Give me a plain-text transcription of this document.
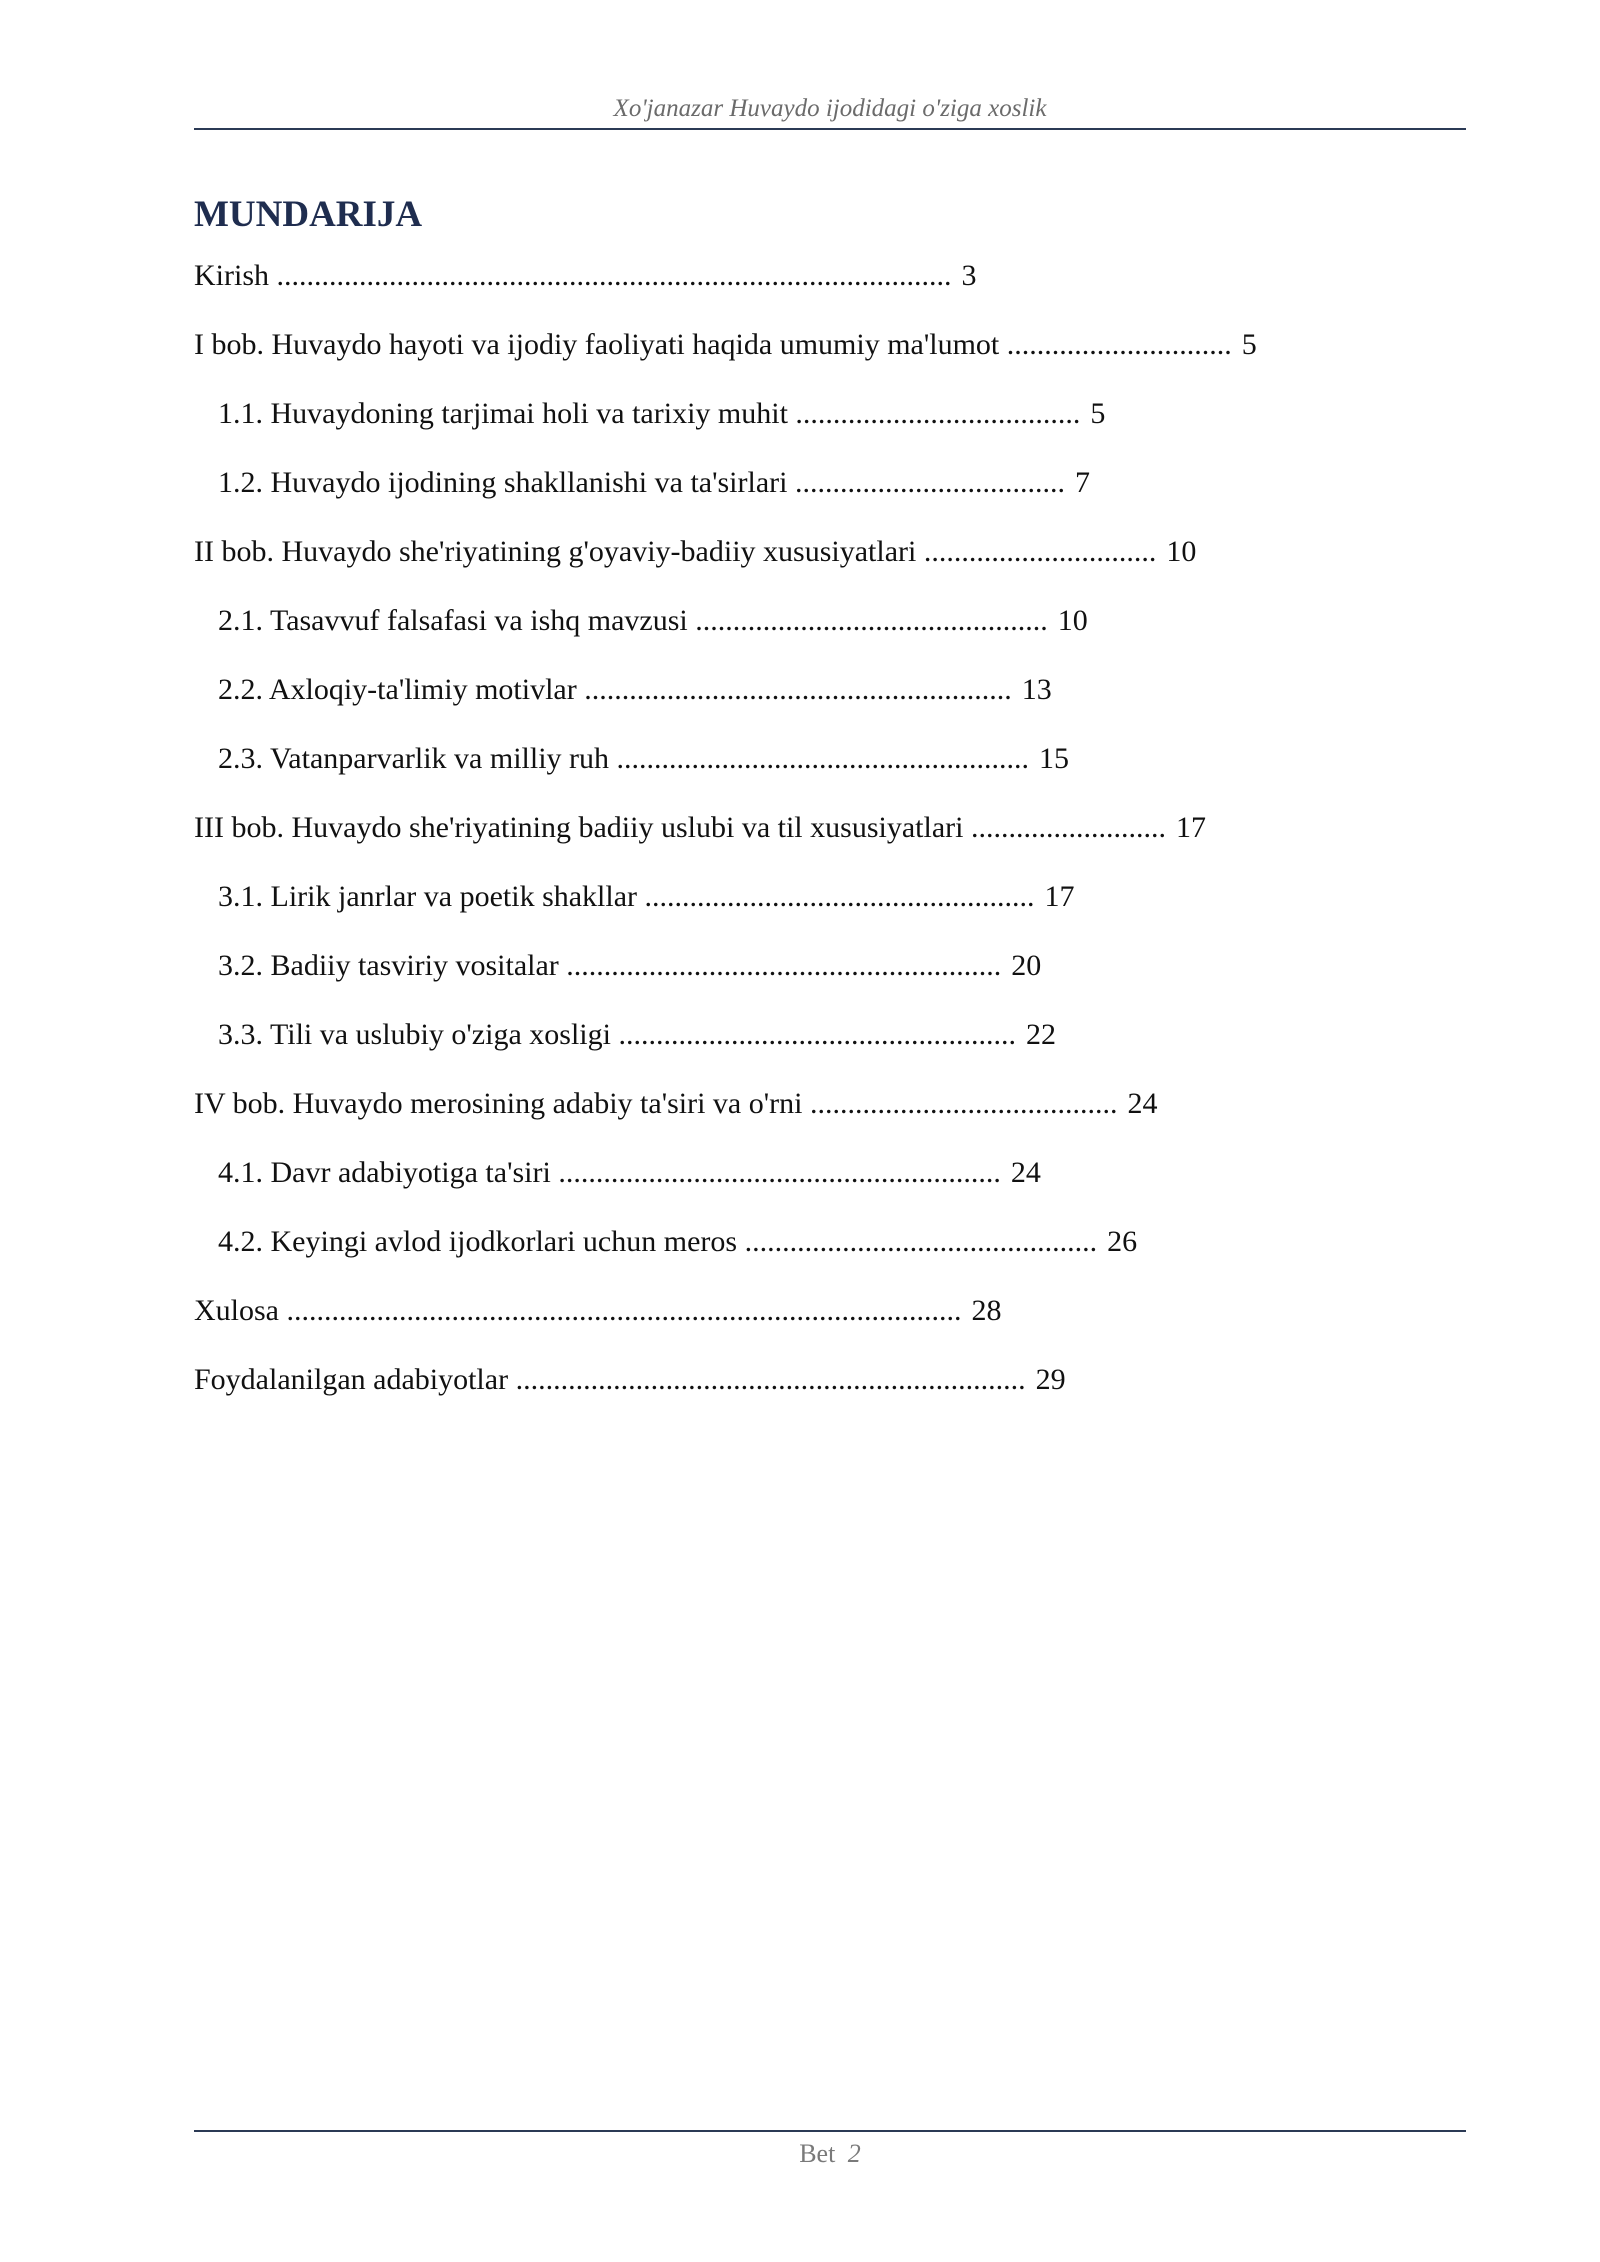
Xo'janazar Huvaydo ijodidagi o'ziga xoslik
MUNDARIJA
Kirish .......................................................................................... 3
I bob. Huvaydo hayoti va ijodiy faoliyati haqida umumiy ma'lumot .............................. 5
1.1. Huvaydoning tarjimai holi va tarixiy muhit ...................................... 5
1.2. Huvaydo ijodining shakllanishi va ta'sirlari .................................... 7
II bob. Huvaydo she'riyatining g'oyaviy-badiiy xususiyatlari ............................... 10
2.1. Tasavvuf falsafasi va ishq mavzusi ............................................... 10
2.2. Axloqiy-ta'limiy motivlar ......................................................... 13
2.3. Vatanparvarlik va milliy ruh ....................................................... 15
III bob. Huvaydo she'riyatining badiiy uslubi va til xususiyatlari .......................... 17
3.1. Lirik janrlar va poetik shakllar .................................................... 17
3.2. Badiiy tasviriy vositalar .......................................................... 20
3.3. Tili va uslubiy o'ziga xosligi ..................................................... 22
IV bob. Huvaydo merosining adabiy ta'siri va o'rni ......................................... 24
4.1. Davr adabiyotiga ta'siri ........................................................... 24
4.2. Keyingi avlod ijodkorlari uchun meros ............................................... 26
Xulosa .......................................................................................... 28
Foydalanilgan adabiyotlar .................................................................... 29
Bet 2
